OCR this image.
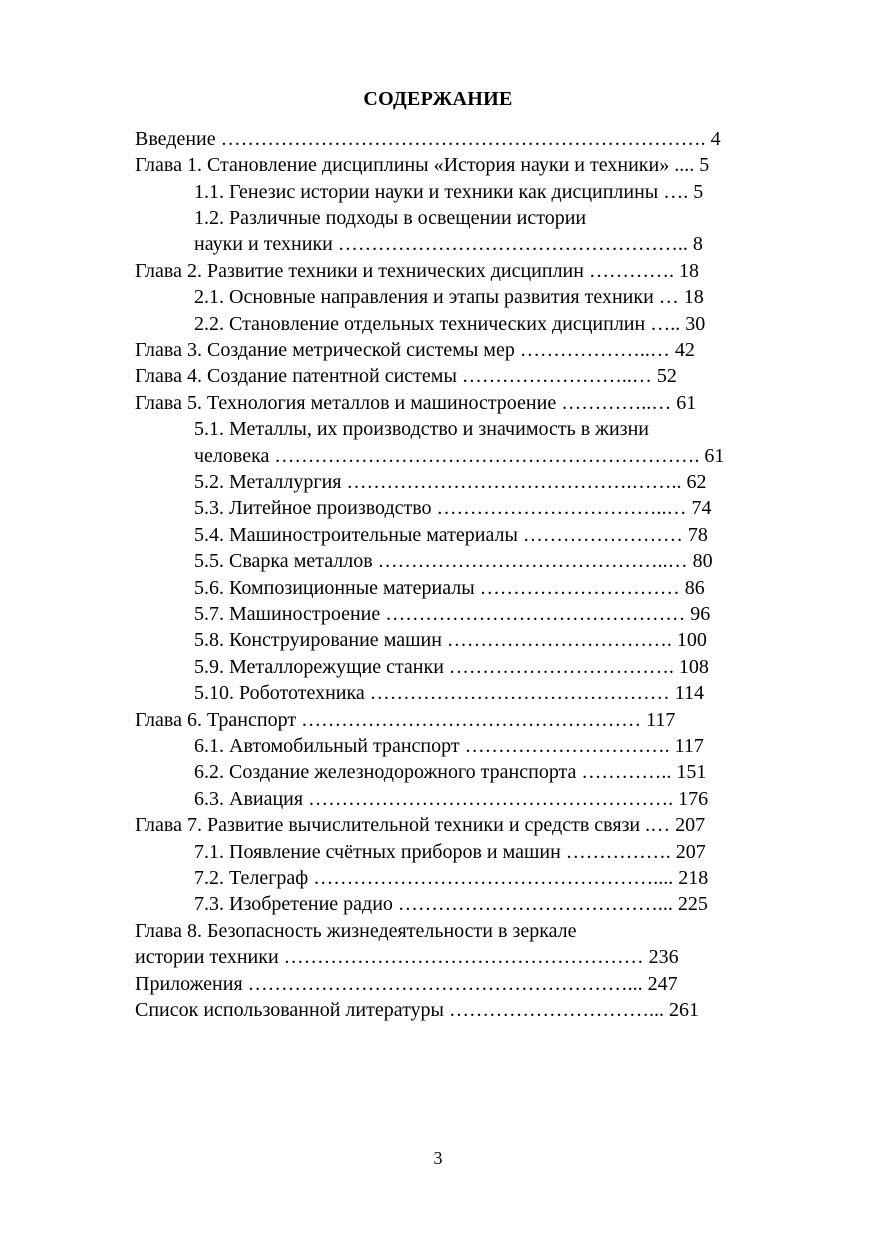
СОДЕРЖАНИЕ
Введение ………………………………………………………………. 4
Глава 1. Становление дисциплины «История науки и техники» .... 5
1.1. Генезис истории науки и техники как дисциплины …. 5
1.2. Различные подходы в освещении истории
науки и техники …………………………………………….. 8
Глава 2. Развитие техники и технических дисциплин …………. 18
2.1. Основные направления и этапы развития техники … 18
2.2. Становление отдельных технических дисциплин ….. 30
Глава 3. Создание метрической системы мер ………………..… 42
Глава 4. Создание патентной системы ……………………..… 52
Глава 5. Технология металлов и машиностроение …………..… 61
5.1. Металлы, их производство и значимость в жизни
человека ………………………………………………………. 61
5.2. Металлургия …………………………………….…….. 62
5.3. Литейное производство ……………………………..… 74
5.4. Машиностроительные материалы …………………… 78
5.5. Сварка металлов ……………………………………..… 80
5.6. Композиционные материалы ………………………… 86
5.7. Машиностроение ……………………………………… 96
5.8. Конструирование машин ……………………………. 100
5.9. Металлорежущие станки ……………………………. 108
5.10. Робототехника ……………………………………… 114
Глава 6. Транспорт …………………………………………… 117
6.1. Автомобильный транспорт …………………………. 117
6.2. Создание железнодорожного транспорта ………….. 151
6.3. Авиация ………………………………………………. 176
Глава 7. Развитие вычислительной техники и средств связи .… 207
7.1. Появление счётных приборов и машин ……………. 207
7.2. Телеграф …………………………………………….... 218
7.3. Изобретение радио …………………………………... 225
Глава 8. Безопасность жизнедеятельности в зеркале
истории техники ……………………………………………… 236
Приложения …………………………………………………... 247
Список использованной литературы …………………………... 261
3
